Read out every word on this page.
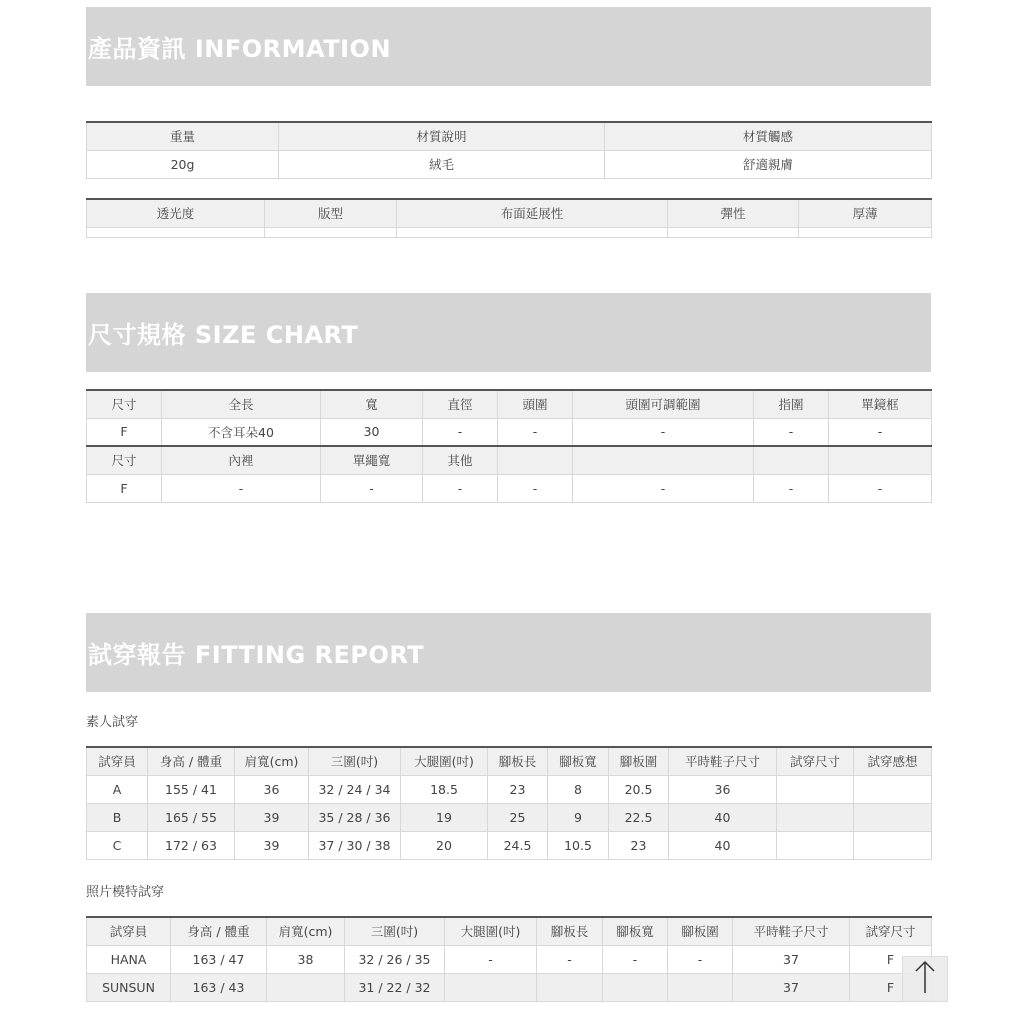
產品資訊 INFORMATION
重量	材質說明	材質觸感
20g	絨毛	舒適親膚
透光度	版型	布面延展性	彈性	厚薄

尺寸規格 SIZE CHART
尺寸	全長	寬	直徑	頭圍	頭圍可調範圍	指圍	單鏡框
F	不含耳朵40	30	-	-	-	-	-
尺寸	內裡	單繩寬	其他				
F	-	-	-	-	-	-	-
試穿報告 FITTING REPORT
素人試穿
試穿員	身高 / 體重	肩寬(cm)	三圍(吋)	大腿圍(吋)	腳板長	腳板寬	腳板圍	平時鞋子尺寸	試穿尺寸	試穿感想
A	155 / 41	36	32 / 24 / 34	18.5	23	8	20.5	36		
B	165 / 55	39	35 / 28 / 36	19	25	9	22.5	40		
C	172 / 63	39	37 / 30 / 38	20	24.5	10.5	23	40		
照片模特試穿
試穿員	身高 / 體重	肩寬(cm)	三圍(吋)	大腿圍(吋)	腳板長	腳板寬	腳板圍	平時鞋子尺寸	試穿尺寸
HANA	163 / 47	38	32 / 26 / 35	-	-	-	-	37	F
SUNSUN	163 / 43		31 / 22 / 32					37	F
